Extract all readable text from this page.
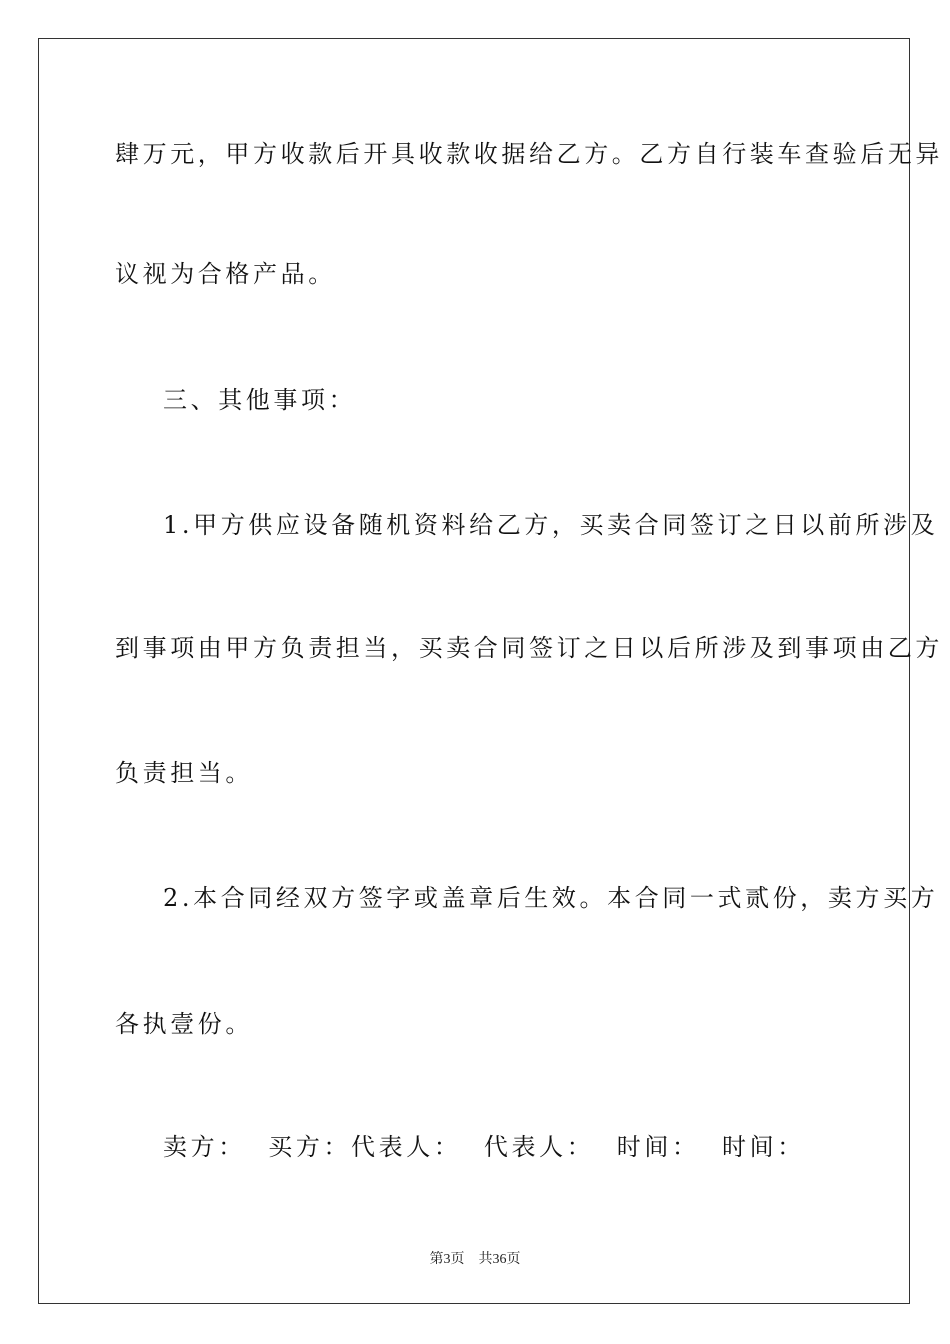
肆万元，甲方收款后开具收款收据给乙方。乙方自行装车查验后无异
议视为合格产品。
三、其他事项：
1.甲方供应设备随机资料给乙方，买卖合同签订之日以前所涉及
到事项由甲方负责担当，买卖合同签订之日以后所涉及到事项由乙方
负责担当。
2.本合同经双方签字或盖章后生效。本合同一式贰份，卖方买方
各执壹份。
卖方：  买方：代表人：  代表人：  时间：  时间：
第3页 共36页
